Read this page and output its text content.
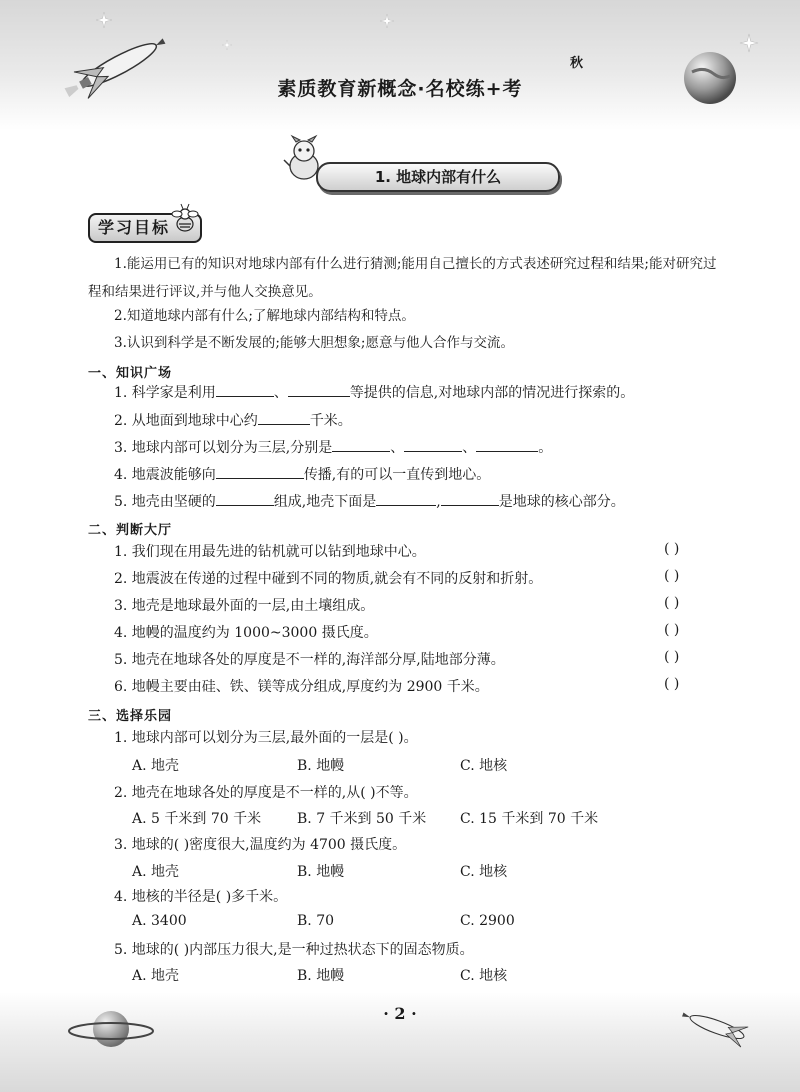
秋
素质教育新概念·名校练+考
1. 地球内部有什么
学习目标
1.能运用已有的知识对地球内部有什么进行猜测;能用自己擅长的方式表述研究过程和结果;能对研究过程和结果进行评议,并与他人交换意见。
2.知道地球内部有什么;了解地球内部结构和特点。
3.认识到科学是不断发展的;能够大胆想象;愿意与他人合作与交流。
一、知识广场
1. 科学家是利用	、	等提供的信息,对地球内部的情况进行探索的。
2. 从地面到地球中心约	千米。
3. 地球内部可以划分为三层,分别是	、	、	。
4. 地震波能够向	传播,有的可以一直传到地心。
5. 地壳由坚硬的	组成,地壳下面是	,	是地球的核心部分。
二、判断大厅
1. 我们现在用最先进的钻机就可以钻到地球中心。	( )
2. 地震波在传递的过程中碰到不同的物质,就会有不同的反射和折射。	( )
3. 地壳是地球最外面的一层,由土壤组成。	( )
4. 地幔的温度约为 1000~3000 摄氏度。	( )
5. 地壳在地球各处的厚度是不一样的,海洋部分厚,陆地部分薄。	( )
6. 地幔主要由硅、铁、镁等成分组成,厚度约为 2900 千米。	( )
三、选择乐园
1. 地球内部可以划分为三层,最外面的一层是( )。
A. 地壳	B. 地幔	C. 地核
2. 地壳在地球各处的厚度是不一样的,从( )不等。
A. 5 千米到 70 千米	B. 7 千米到 50 千米 C. 15 千米到 70 千米
3. 地球的( )密度很大,温度约为 4700 摄氏度。
A. 地壳	B. 地幔	C. 地核
4. 地核的半径是( )多千米。
A. 3400	B. 70	C. 2900
5. 地球的( )内部压力很大,是一种过热状态下的固态物质。
A. 地壳	B. 地幔	C. 地核
· 2 ·
